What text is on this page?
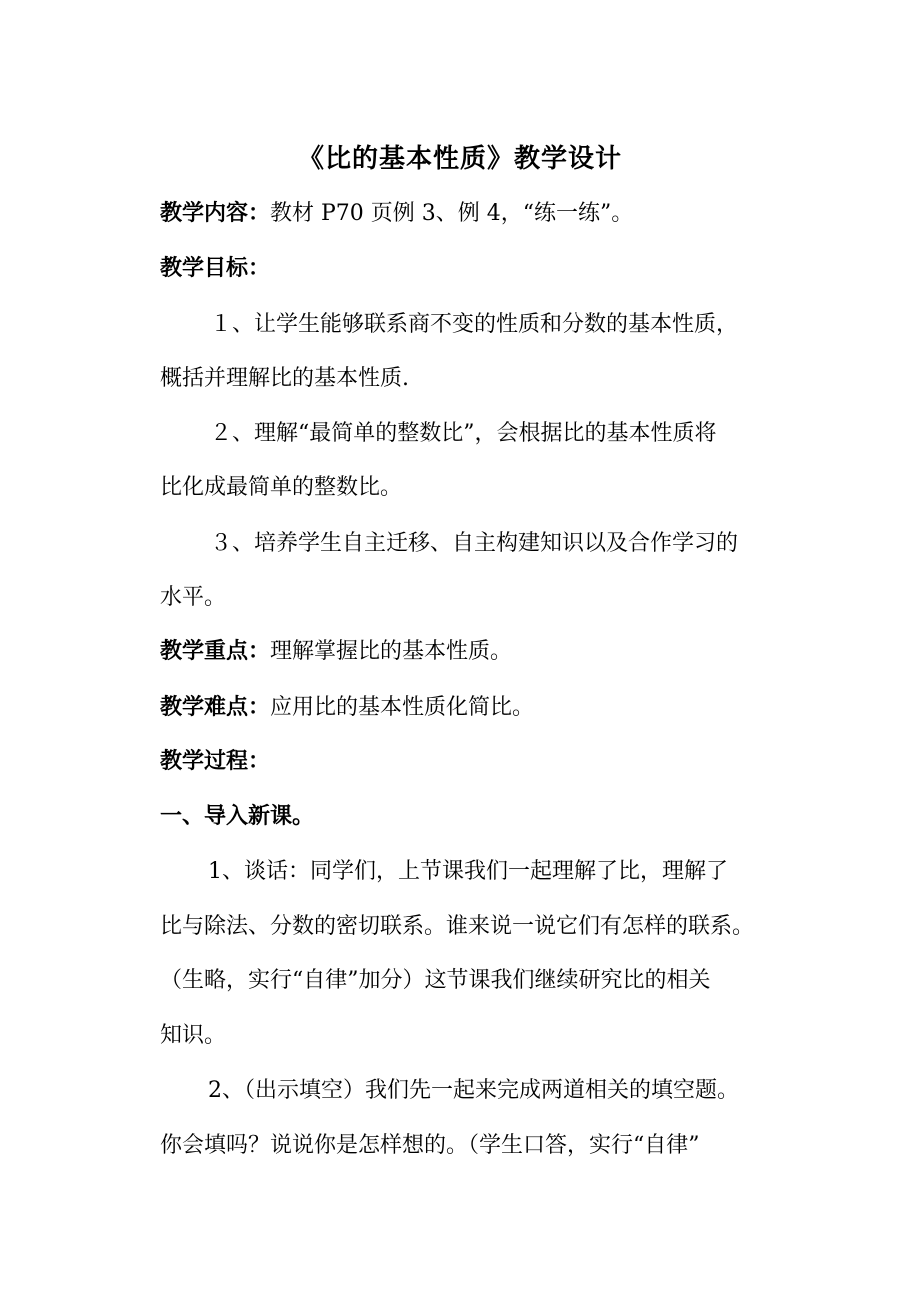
《比的基本性质》教学设计

教学内容：教材 P70 页例 3、例 4，“练一练”。

教学目标：

１、让学生能够联系商不变的性质和分数的基本性质，

概括并理解比的基本性质.

２、理解“最简单的整数比”，会根据比的基本性质将

比化成最简单的整数比。

３、培养学生自主迁移、自主构建知识以及合作学习的

水平。

教学重点：理解掌握比的基本性质。

教学难点：应用比的基本性质化简比。

教学过程：

一、导入新课。

1、谈话：同学们，上节课我们一起理解了比，理解了

比与除法、分数的密切联系。谁来说一说它们有怎样的联系。

（生略，实行“自律”加分）这节课我们继续研究比的相关

知识。

2、（出示填空）我们先一起来完成两道相关的填空题。

你会填吗？说说你是怎样想的。（学生口答，实行“自律”
